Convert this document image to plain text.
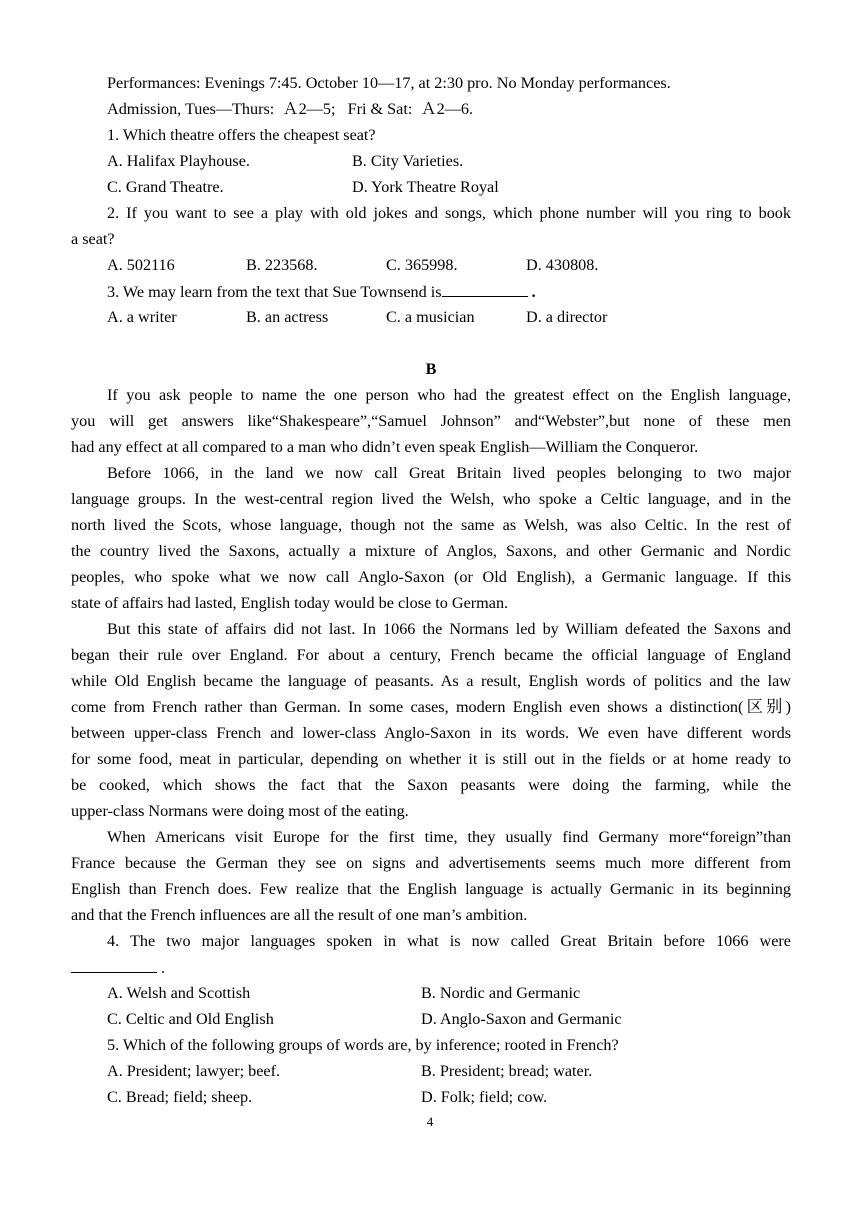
Performances: Evenings 7:45. October 10—17, at 2:30 pro. No Monday performances.
Admission, Tues—Thurs:  Ａ2—5;   Fri & Sat:  Ａ2—6.
1. Which theatre offers the cheapest seat?
A. Halifax Playhouse.	B. City Varieties.
C. Grand Theatre.	D. York Theatre Royal
2. If you want to see a play with old jokes and songs, which phone number will you ring to book
a seat?
A. 502116	B. 223568.	C. 365998.	D. 430808.
3. We may learn from the text that Sue Townsend is	.
A. a writer	B. an actress	C. a musician	D. a director
B
If you ask people to name the one person who had the greatest effect on the English language,
you will get answers like“Shakespeare”,“Samuel Johnson” and“Webster”,but none of these men
had any effect at all compared to a man who didn’t even speak English—William the Conqueror.
Before 1066, in the land we now call Great Britain lived peoples belonging to two major
language groups. In the west-central region lived the Welsh, who spoke a Celtic language, and in the
north lived the Scots, whose language, though not the same as Welsh, was also Celtic. In the rest of
the country lived the Saxons, actually a mixture of Anglos, Saxons, and other Germanic and Nordic
peoples, who spoke what we now call Anglo-Saxon (or Old English), a Germanic language. If this
state of affairs had lasted, English today would be close to German.
But this state of affairs did not last. In 1066 the Normans led by William defeated the Saxons and
began their rule over England. For about a century, French became the official language of England
while Old English became the language of peasants. As a result, English words of politics and the law
come from French rather than German. In some cases, modern English even shows a distinction(区别)
between upper-class French and lower-class Anglo-Saxon in its words. We even have different words
for some food, meat in particular, depending on whether it is still out in the fields or at home ready to
be cooked, which shows the fact that the Saxon peasants were doing the farming, while the
upper-class Normans were doing most of the eating.
When Americans visit Europe for the first time, they usually find Germany more“foreign”than
France because the German they see on signs and advertisements seems much more different from
English than French does. Few realize that the English language is actually Germanic in its beginning
and that the French influences are all the result of one man’s ambition.
4. The two major languages spoken in what is now called Great Britain before 1066 were
.
A. Welsh and Scottish	B. Nordic and Germanic
C. Celtic and Old English	D. Anglo-Saxon and Germanic
5. Which of the following groups of words are, by inference; rooted in French?
A. President; lawyer; beef.	B. President; bread; water.
C. Bread; field; sheep.	D. Folk; field; cow.
4
